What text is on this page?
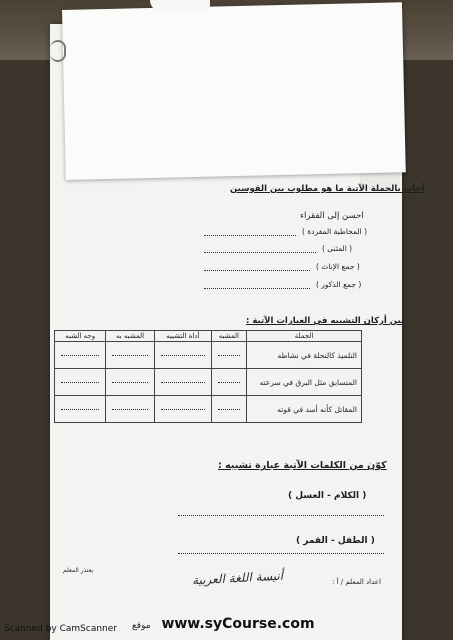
أجاب بالجملة الآتية ما هو مطلوب بين القوسين
احسن إلى الفقراء
( المخاطبة المفردة )
( المثنى )
( جمع الإناث )
( جمع الذكور )
بين أركان التشبيه في العبارات الآتية :
الجملة	المشبه	أداة التشبيه	المشبه به	وجه الشبه
التلميذ كالنحلة في نشاطه	

المتسابق مثل البرق في سرعته	

المقاتل كأنه أسد في قوته	

كوّن من الكلمات الآتية عبارة تشبيه :
( الكلام - العسل )
( الطفل - القمر )
يعتذر المعلم
اعداد المعلم / أ :
أنيسة اللغة العربية
Scanned by CamScanner موقع www.syCourse.com
